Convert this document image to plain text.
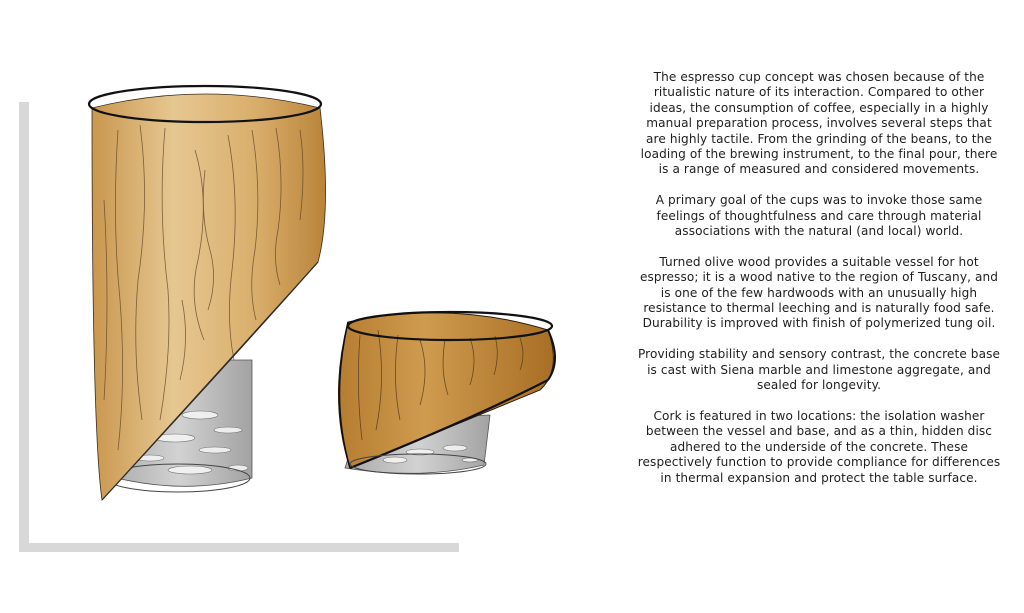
The espresso cup concept was chosen because of the ritualistic nature of its interaction. Compared to other ideas, the consumption of coffee, especially in a highly manual preparation process, involves several steps that are highly tactile. From the grinding of the beans, to the loading of the brewing instrument, to the final pour, there is a range of measured and considered movements.

A primary goal of the cups was to invoke those same feelings of thoughtfulness and care through material associations with the natural (and local) world.

Turned olive wood provides a suitable vessel for hot espresso; it is a wood native to the region of Tuscany, and is one of the few hardwoods with an unusually high resistance to thermal leeching and is naturally food safe. Durability is improved with finish of polymerized tung oil.

Providing stability and sensory contrast, the concrete base is cast with Siena marble and limestone aggregate, and sealed for longevity.

Cork is featured in two locations: the isolation washer between the vessel and base, and as a thin, hidden disc adhered to the underside of the concrete. These respectively function to provide compliance for differences in thermal expansion and protect the table surface.
